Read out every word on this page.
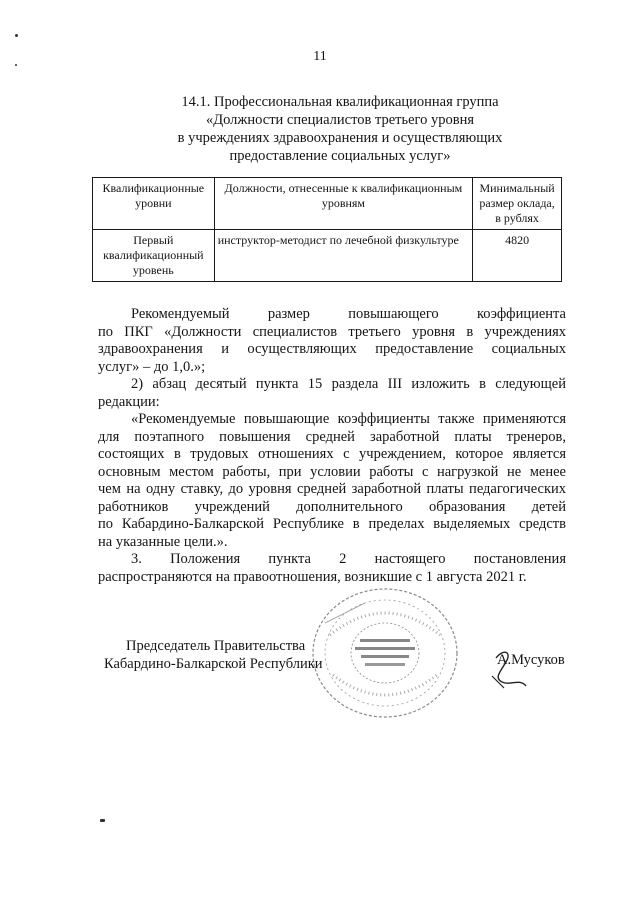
11
14.1. Профессиональная квалификационная группа
«Должности специалистов третьего уровня
в учреждениях здравоохранения и осуществляющих
предоставление социальных услуг»
Квалификационные уровни	Должности, отнесенные к квалификационным уровням	Минимальный размер оклада, в рублях
Первый квалификационный уровень	инструктор-методист по лечебной физкультуре	4820
Рекомендуемый размер повышающего коэффициента
по ПКГ «Должности специалистов третьего уровня в учреждениях
здравоохранения и осуществляющих предоставление социальных
услуг» – до 1,0.»;
2) абзац десятый пункта 15 раздела III изложить в следующей
редакции:
«Рекомендуемые повышающие коэффициенты также применяются
для поэтапного повышения средней заработной платы тренеров,
состоящих в трудовых отношениях с учреждением, которое является
основным местом работы, при условии работы с нагрузкой не менее
чем на одну ставку, до уровня средней заработной платы педагогических
работников учреждений дополнительного образования детей
по Кабардино-Балкарской Республике в пределах выделяемых средств
на указанные цели.».
3. Положения пункта 2 настоящего постановления
распространяются на правоотношения, возникшие с 1 августа 2021 г.
Председатель Правительства
Кабардино-Балкарской Республики	А.Мусуков
